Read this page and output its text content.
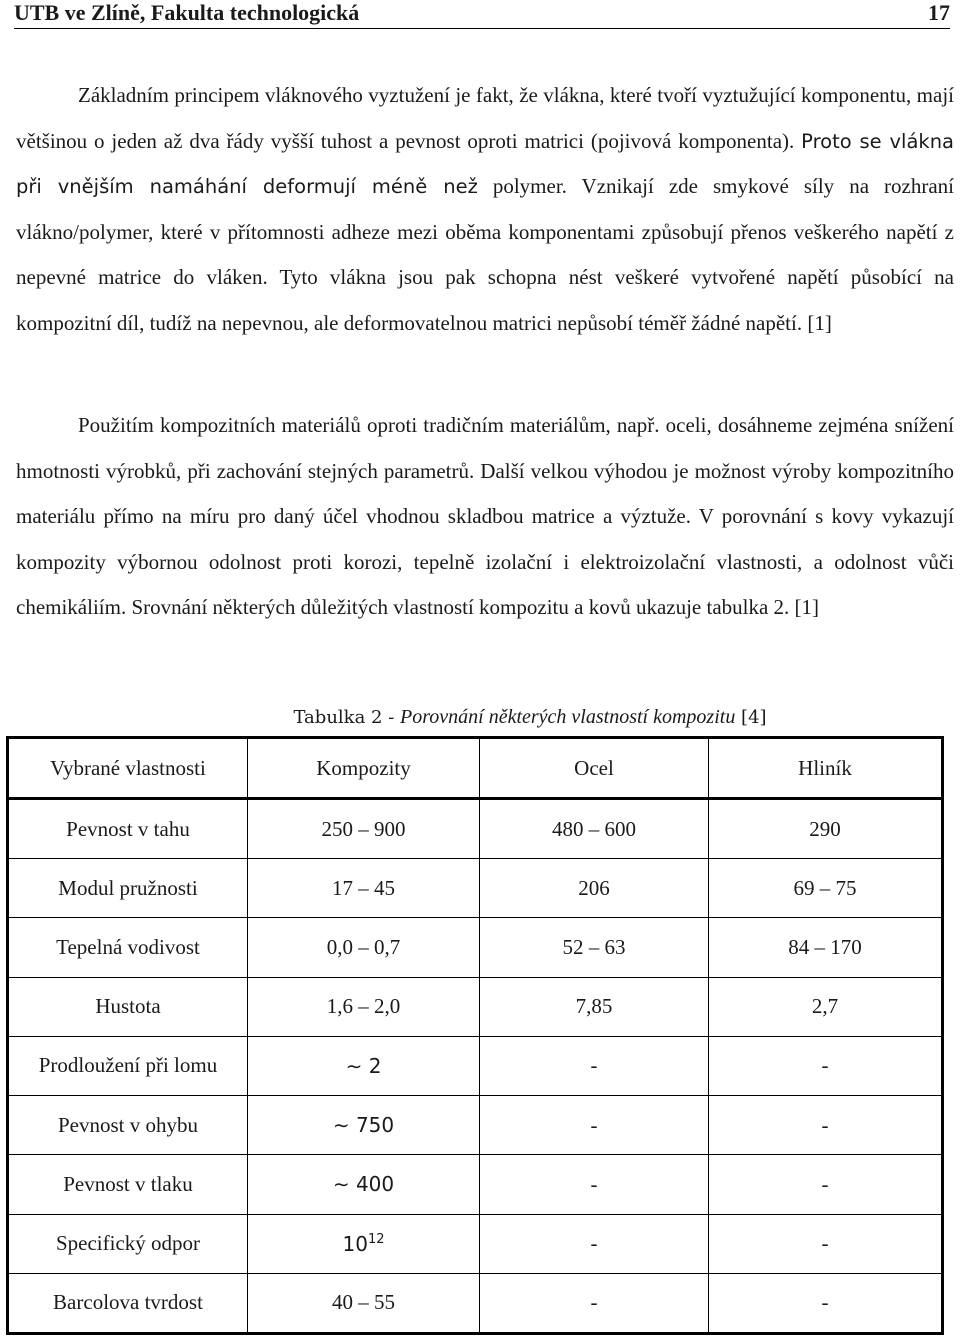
UTB ve Zlíně, Fakulta technologická	17

Základním principem vláknového vyztužení je fakt, že vlákna, které tvoří vyztužující komponentu, mají většinou o jeden až dva řády vyšší tuhost a pevnost oproti matrici (pojivová komponenta). Proto se vlákna při vnějším namáhání deformují méně než polymer. Vznikají zde smykové síly na rozhraní vlákno/polymer, které v přítomnosti adheze mezi oběma komponentami způsobují přenos veškerého napětí z nepevné matrice do vláken. Tyto vlákna jsou pak schopna nést veškeré vytvořené napětí působící na kompozitní díl, tudíž na nepevnou, ale deformovatelnou matrici nepůsobí téměř žádné napětí. [1]

Použitím kompozitních materiálů oproti tradičním materiálům, např. oceli, dosáhneme zejména snížení hmotnosti výrobků, při zachování stejných parametrů. Další velkou výhodou je možnost výroby kompozitního materiálu přímo na míru pro daný účel vhodnou skladbou matrice a výztuže. V porovnání s kovy vykazují kompozity výbornou odolnost proti korozi, tepelně izolační i elektroizolační vlastnosti, a odolnost vůči chemikáliím. Srovnání některých důležitých vlastností kompozitu a kovů ukazuje tabulka 2. [1]

Tabulka 2 - Porovnání některých vlastností kompozitu [4]
Vybrané vlastnosti	Kompozity	Ocel	Hliník
Pevnost v tahu	250 – 900	480 – 600	290
Modul pružnosti	17 – 45	206	69 – 75
Tepelná vodivost	0,0 – 0,7	52 – 63	84 – 170
Hustota	1,6 – 2,0	7,85	2,7
Prodloužení při lomu	∼ 2	-	-
Pevnost v ohybu	∼ 750	-	-
Pevnost v tlaku	∼ 400	-	-
Specifický odpor	$10^{12}$	-	-
Barcolova tvrdost	40 – 55	-	-
